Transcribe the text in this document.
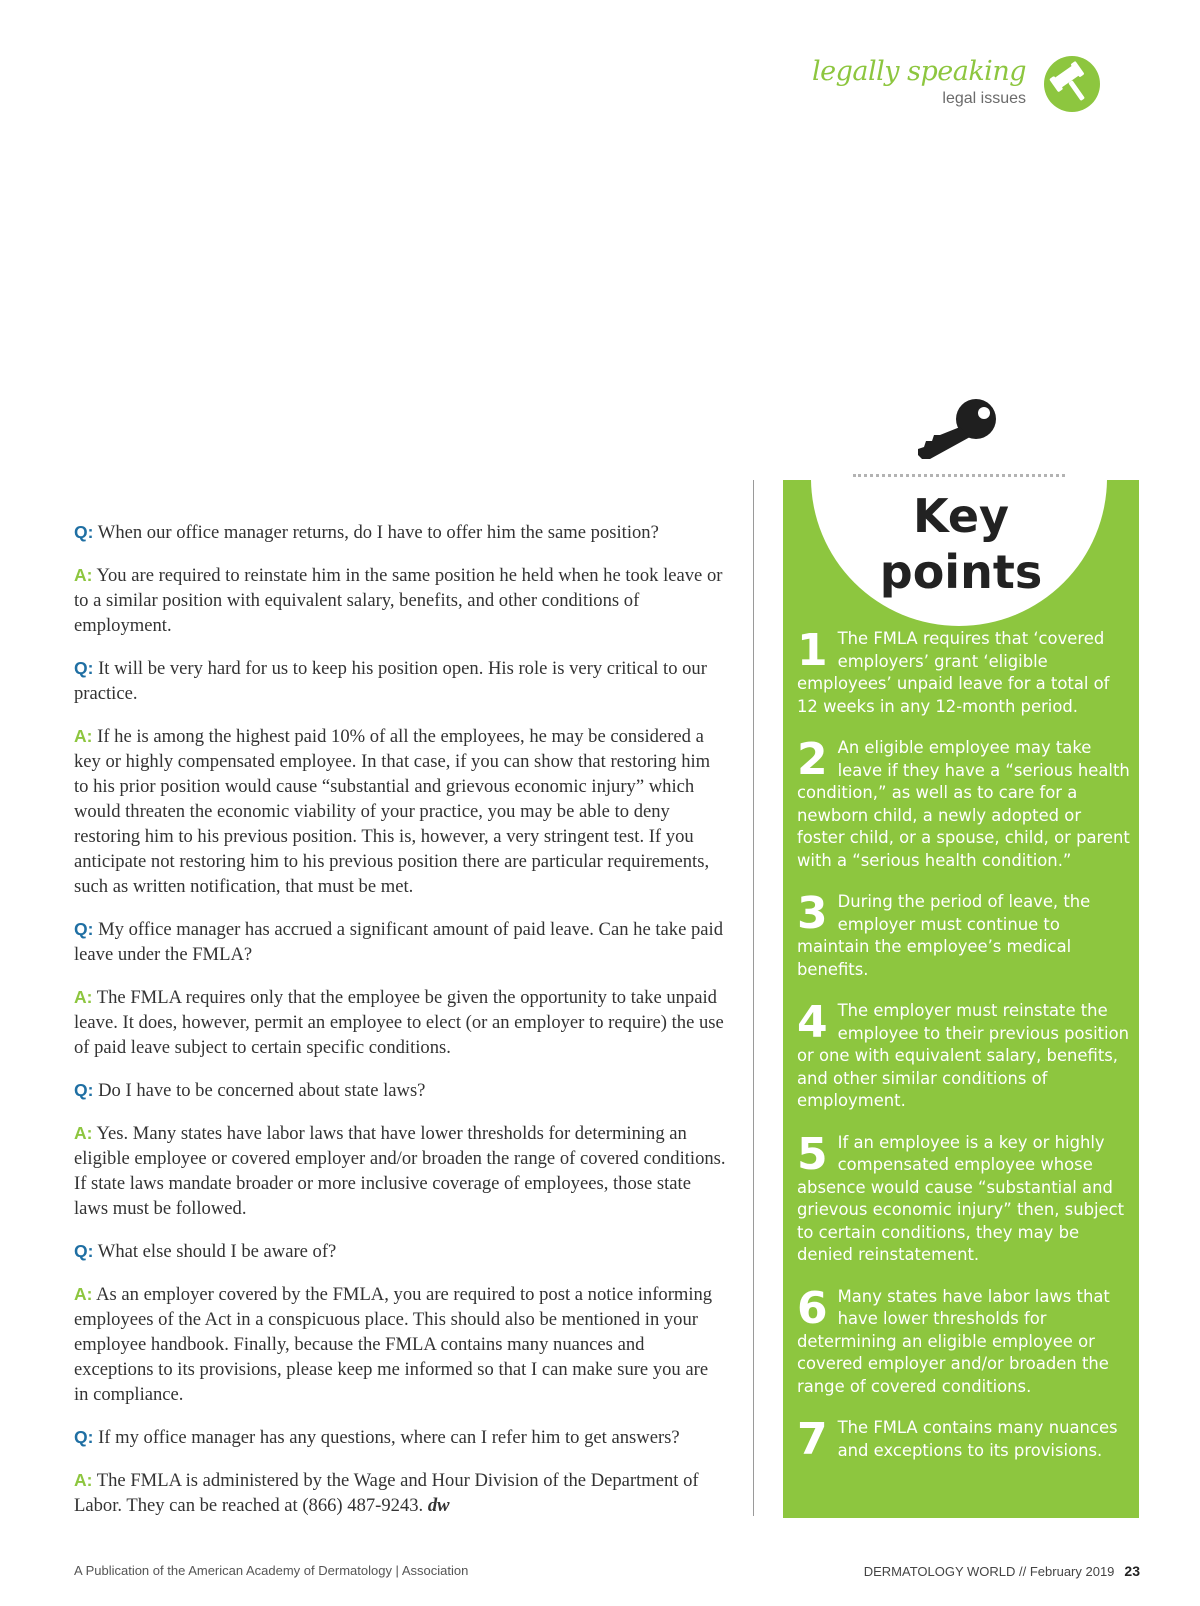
legally speaking
legal issues

Q: When our office manager returns, do I have to offer him the same position?

A: You are required to reinstate him in the same position he held when he took leave or to a similar position with equivalent salary, benefits, and other conditions of employment.

Q: It will be very hard for us to keep his position open. His role is very critical to our practice.

A: If he is among the highest paid 10% of all the employees, he may be considered a key or highly compensated employee. In that case, if you can show that restoring him to his prior position would cause “substantial and grievous economic injury” which would threaten the economic viability of your practice, you may be able to deny restoring him to his previous position. This is, however, a very stringent test. If you anticipate not restoring him to his previous position there are particular requirements, such as written notification, that must be met.

Q: My office manager has accrued a significant amount of paid leave. Can he take paid leave under the FMLA?

A: The FMLA requires only that the employee be given the opportunity to take unpaid leave. It does, however, permit an employee to elect (or an employer to require) the use of paid leave subject to certain specific conditions.

Q: Do I have to be concerned about state laws?

A: Yes. Many states have labor laws that have lower thresholds for determining an eligible employee or covered employer and/or broaden the range of covered conditions. If state laws mandate broader or more inclusive coverage of employees, those state laws must be followed.

Q: What else should I be aware of?

A: As an employer covered by the FMLA, you are required to post a notice informing employees of the Act in a conspicuous place. This should also be mentioned in your employee handbook. Finally, because the FMLA contains many nuances and exceptions to its provisions, please keep me informed so that I can make sure you are in compliance.

Q: If my office manager has any questions, where can I refer him to get answers?

A: The FMLA is administered by the Wage and Hour Division of the Department of Labor. They can be reached at (866) 487-9243. dw

Key
points
1 The FMLA requires that ‘covered employers’ grant ‘eligible employees’ unpaid leave for a total of 12 weeks in any 12-month period.
2 An eligible employee may take leave if they have a “serious health condition,” as well as to care for a newborn child, a newly adopted or foster child, or a spouse, child, or parent with a “serious health condition.”
3 During the period of leave, the employer must continue to maintain the employee’s medical benefits.
4 The employer must reinstate the employee to their previous position or one with equivalent salary, benefits, and other similar conditions of employment.
5 If an employee is a key or highly compensated employee whose absence would cause “substantial and grievous economic injury” then, subject to certain conditions, they may be denied reinstatement.
6 Many states have labor laws that have lower thresholds for determining an eligible employee or covered employer and/or broaden the range of covered conditions.
7 The FMLA contains many nuances and exceptions to its provisions.
A Publication of the American Academy of Dermatology | Association	DERMATOLOGY WORLD // February 2019 23
